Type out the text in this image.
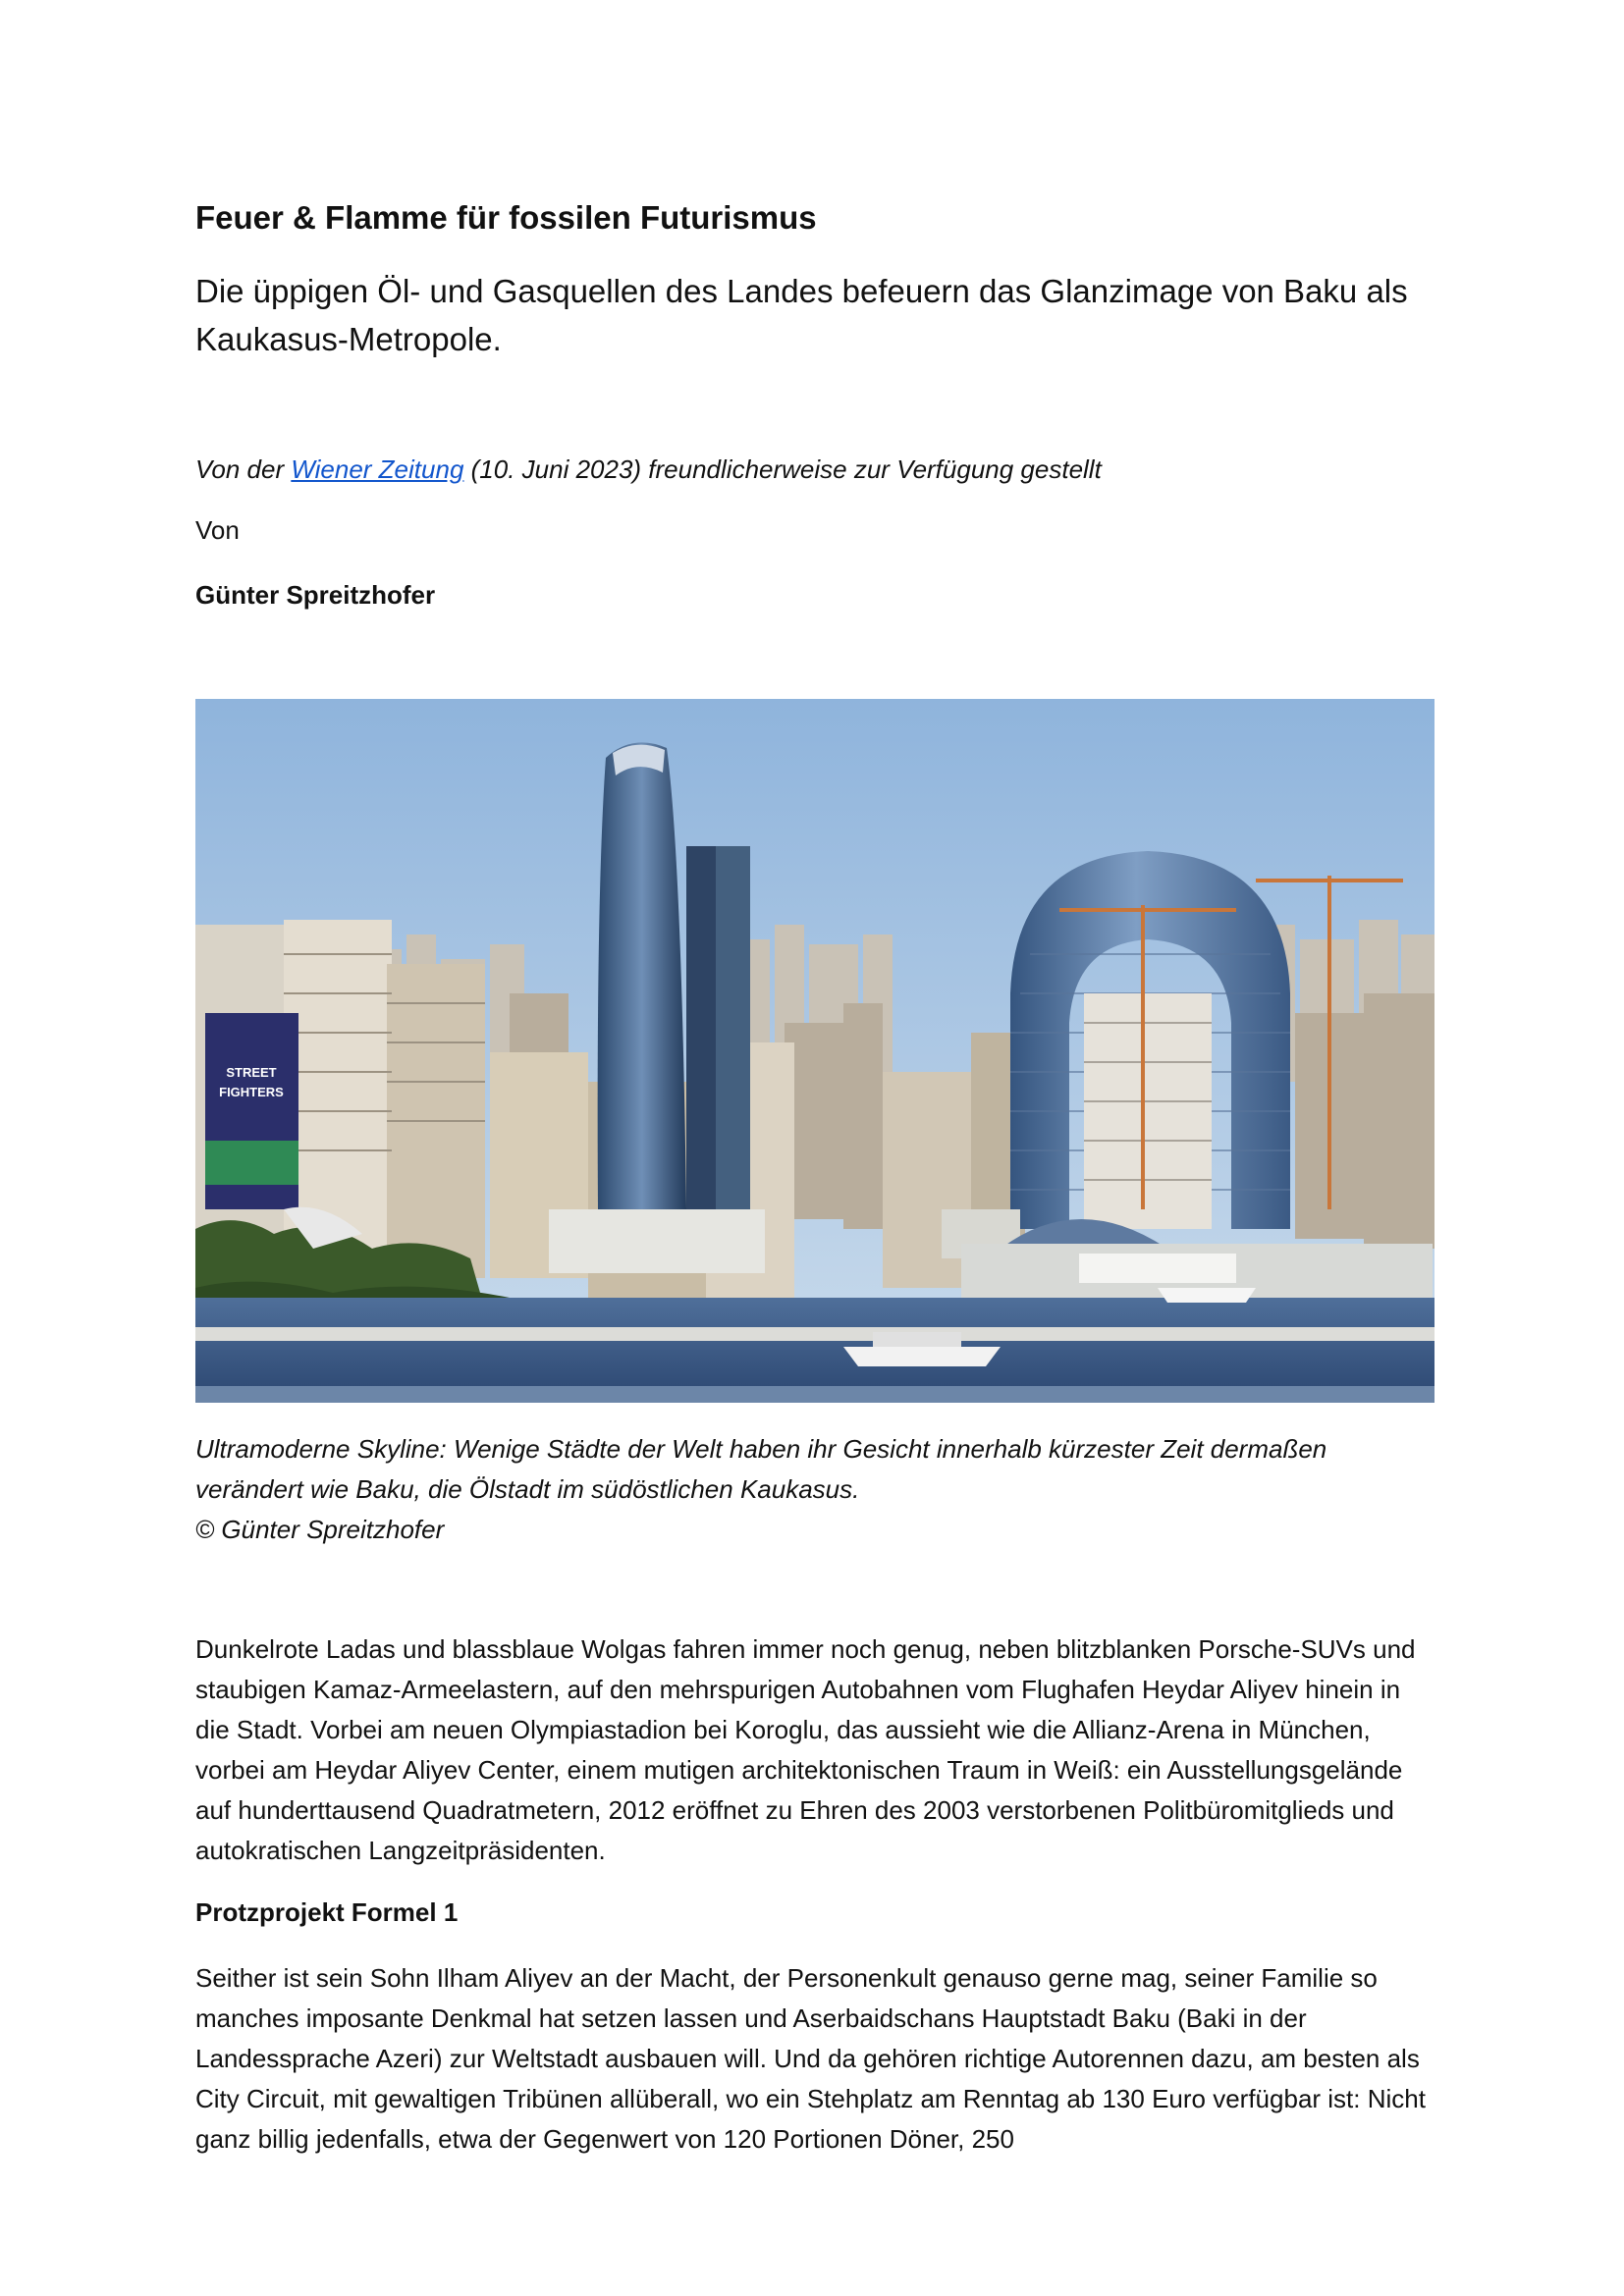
Feuer & Flamme für fossilen Futurismus
Die üppigen Öl- und Gasquellen des Landes befeuern das Glanzimage von Baku als Kaukasus-Metropole.
Von der Wiener Zeitung (10. Juni 2023) freundlicherweise zur Verfügung gestellt
Von
Günter Spreitzhofer
STREET
FIGHTERS
Ultramoderne Skyline: Wenige Städte der Welt haben ihr Gesicht innerhalb kürzester Zeit dermaßen
verändert wie Baku, die Ölstadt im südöstlichen Kaukasus.
© Günter Spreitzhofer

Dunkelrote Ladas und blassblaue Wolgas fahren immer noch genug, neben blitzblanken Porsche-SUVs und staubigen Kamaz-Armeelastern, auf den mehrspurigen Autobahnen vom Flughafen Heydar Aliyev hinein in die Stadt. Vorbei am neuen Olympiastadion bei Koroglu, das aussieht wie die Allianz-Arena in München, vorbei am Heydar Aliyev Center, einem mutigen architektonischen Traum in Weiß: ein Ausstellungsgelände auf hunderttausend Quadratmetern, 2012 eröffnet zu Ehren des 2003 verstorbenen Politbüromitglieds und autokratischen Langzeitpräsidenten.

Protzprojekt Formel 1

Seither ist sein Sohn Ilham Aliyev an der Macht, der Personenkult genauso gerne mag, seiner Familie so manches imposante Denkmal hat setzen lassen und Aserbaidschans Hauptstadt Baku (Baki in der Landessprache Azeri) zur Weltstadt ausbauen will. Und da gehören richtige Autorennen dazu, am besten als City Circuit, mit gewaltigen Tribünen allüberall, wo ein Stehplatz am Renntag ab 130 Euro verfügbar ist: Nicht ganz billig jedenfalls, etwa der Gegenwert von 120 Portionen Döner, 250
